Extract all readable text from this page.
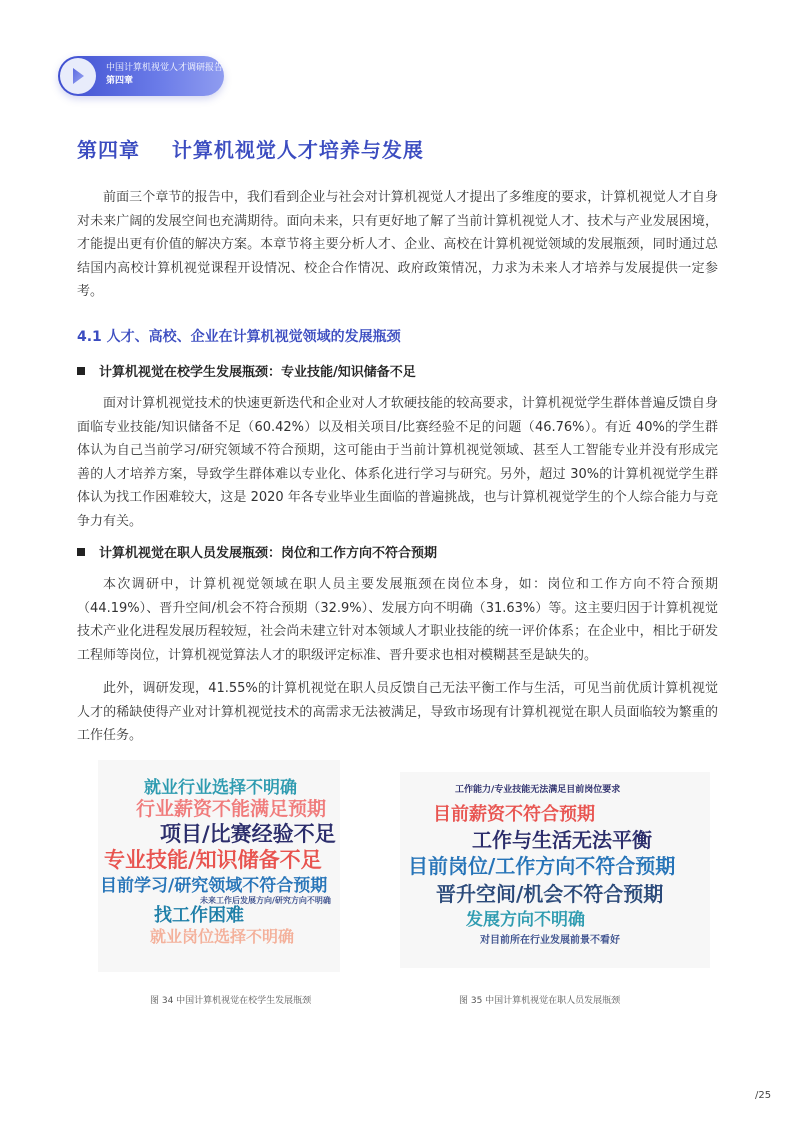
中国计算机视觉人才调研报告
第四章
第四章    计算机视觉人才培养与发展
前面三个章节的报告中，我们看到企业与社会对计算机视觉人才提出了多维度的要求，计算机视觉人才自身对未来广阔的发展空间也充满期待。面向未来，只有更好地了解了当前计算机视觉人才、技术与产业发展困境，才能提出更有价值的解决方案。本章节将主要分析人才、企业、高校在计算机视觉领域的发展瓶颈，同时通过总结国内高校计算机视觉课程开设情况、校企合作情况、政府政策情况，力求为未来人才培养与发展提供一定参考。
4.1 人才、高校、企业在计算机视觉领域的发展瓶颈
计算机视觉在校学生发展瓶颈：专业技能/知识储备不足
面对计算机视觉技术的快速更新迭代和企业对人才软硬技能的较高要求，计算机视觉学生群体普遍反馈自身面临专业技能/知识储备不足（60.42%）以及相关项目/比赛经验不足的问题（46.76%）。有近 40%的学生群体认为自己当前学习/研究领域不符合预期，这可能由于当前计算机视觉领域、甚至人工智能专业并没有形成完善的人才培养方案，导致学生群体难以专业化、体系化进行学习与研究。另外，超过 30%的计算机视觉学生群体认为找工作困难较大，这是 2020 年各专业毕业生面临的普遍挑战，也与计算机视觉学生的个人综合能力与竞争力有关。
计算机视觉在职人员发展瓶颈：岗位和工作方向不符合预期
本次调研中，计算机视觉领域在职人员主要发展瓶颈在岗位本身，如：岗位和工作方向不符合预期（44.19%）、晋升空间/机会不符合预期（32.9%）、发展方向不明确（31.63%）等。这主要归因于计算机视觉技术产业化进程发展历程较短，社会尚未建立针对本领域人才职业技能的统一评价体系；在企业中，相比于研发工程师等岗位，计算机视觉算法人才的职级评定标准、晋升要求也相对模糊甚至是缺失的。
此外，调研发现，41.55%的计算机视觉在职人员反馈自己无法平衡工作与生活，可见当前优质计算机视觉人才的稀缺使得产业对计算机视觉技术的高需求无法被满足，导致市场现有计算机视觉在职人员面临较为繁重的工作任务。
就业行业选择不明确
行业薪资不能满足预期
项目/比赛经验不足
专业技能/知识储备不足
目前学习/研究领域不符合预期
未来工作后发展方向/研究方向不明确
找工作困难
就业岗位选择不明确
图 34 中国计算机视觉在校学生发展瓶颈
工作能力/专业技能无法满足目前岗位要求
目前薪资不符合预期
工作与生活无法平衡
目前岗位/工作方向不符合预期
晋升空间/机会不符合预期
发展方向不明确
对目前所在行业发展前景不看好
图 35 中国计算机视觉在职人员发展瓶颈
/25
